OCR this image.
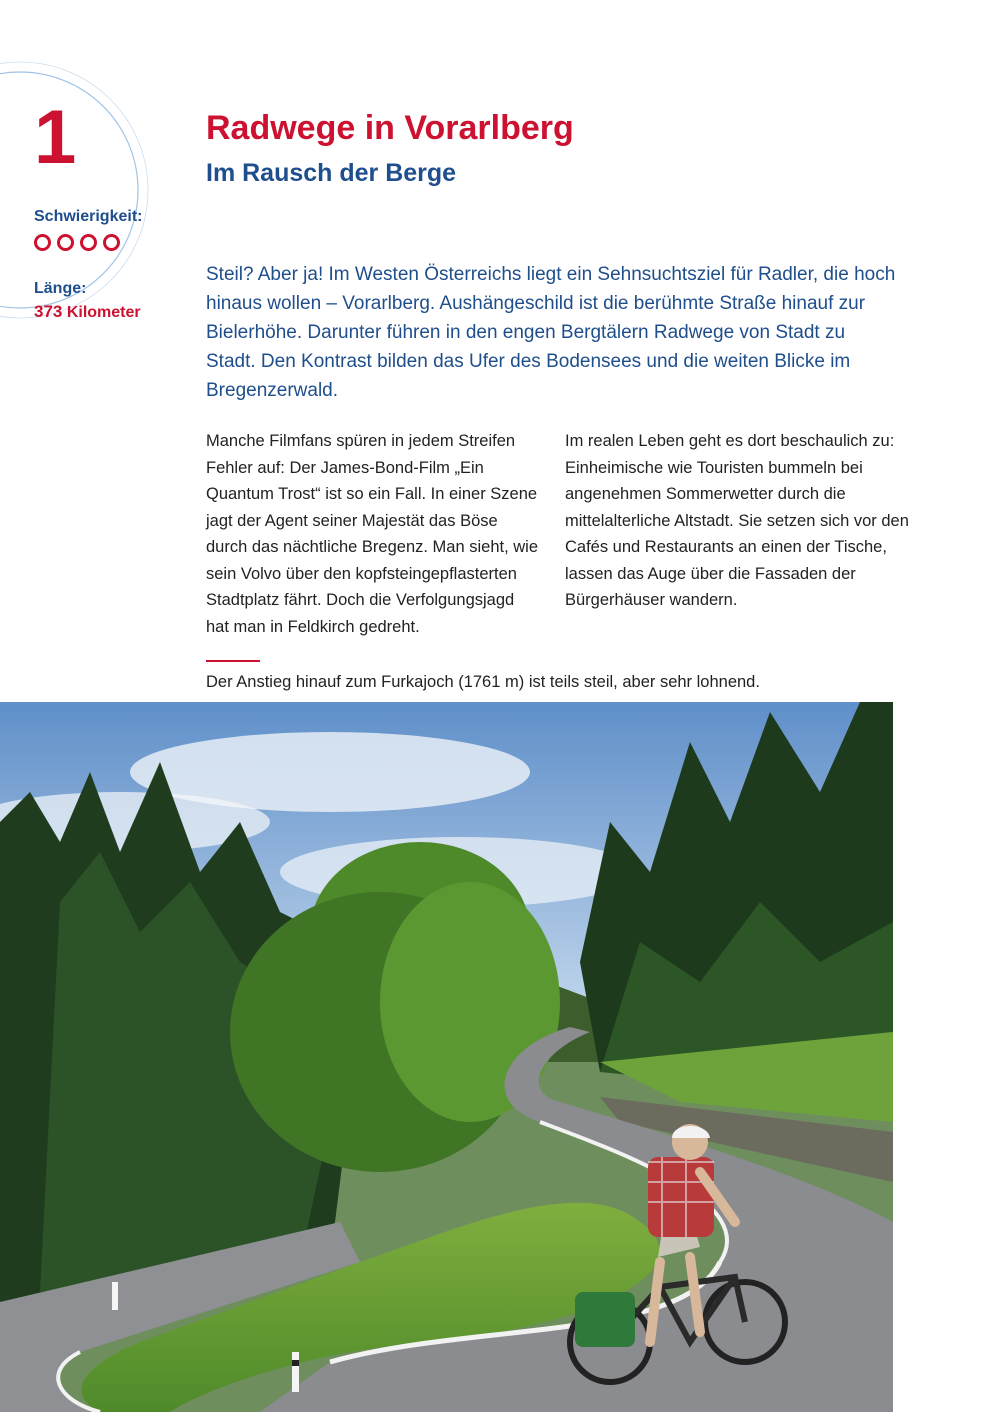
1
Schwierigkeit:
Länge:
373 Kilometer
Radwege in Vorarlberg
Im Rausch der Berge

Steil? Aber ja! Im Westen Österreichs liegt ein Sehnsuchtsziel für Radler, die hoch hinaus wollen – Vorarlberg. Aushängeschild ist die berühmte Straße hinauf zur Bielerhöhe. Darunter führen in den engen Bergtälern Radwege von Stadt zu Stadt. Den Kontrast bilden das Ufer des Bodensees und die weiten Blicke im Bregenzerwald.

Manche Filmfans spüren in jedem Streifen Fehler auf: Der James-Bond-Film „Ein Quantum Trost“ ist so ein Fall. In einer Szene jagt der Agent seiner Majestät das Böse durch das nächtliche Bregenz. Man sieht, wie sein Volvo über den kopfsteingepflasterten Stadtplatz fährt. Doch die Verfolgungsjagd hat man in Feldkirch gedreht.

Im realen Leben geht es dort beschaulich zu: Einheimische wie Touristen bummeln bei angenehmen Sommerwetter durch die mittelalterliche Altstadt. Sie setzen sich vor den Cafés und Restaurants an einen der Tische, lassen das Auge über die Fassaden der Bürgerhäuser wandern.

Der Anstieg hinauf zum Furkajoch (1761 m) ist teils steil, aber sehr lohnend.
